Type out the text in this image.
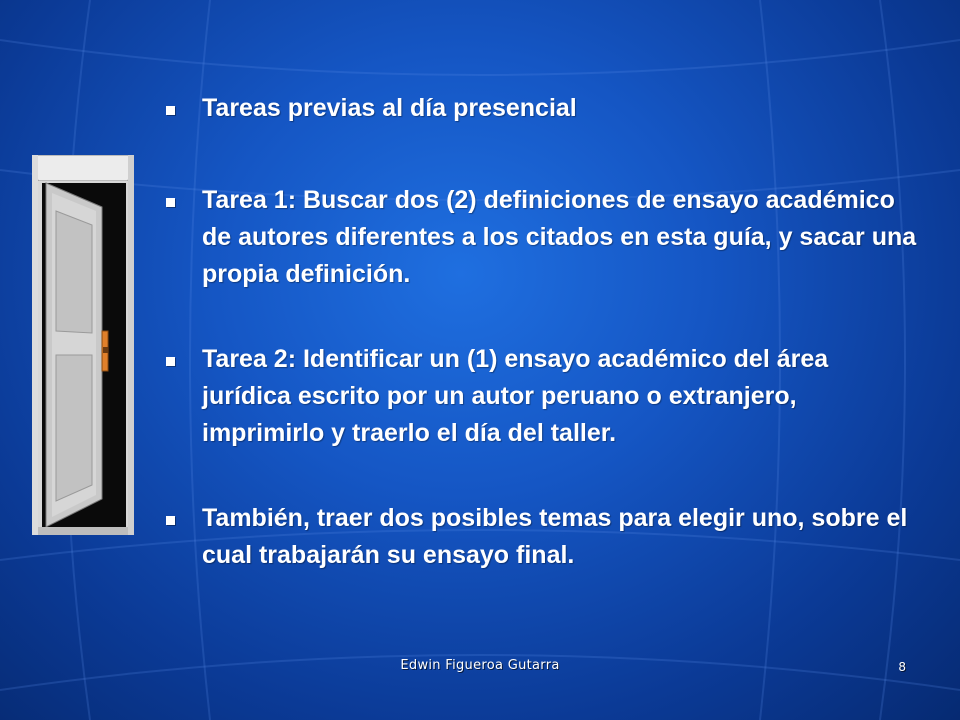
Tareas previas al día presencial
Tarea 1: Buscar dos (2) definiciones de ensayo académico de autores diferentes a los citados en esta guía, y sacar una propia definición.
Tarea 2: Identificar un (1) ensayo académico del área jurídica escrito por un autor peruano o extranjero, imprimirlo y traerlo el día del taller.
También, traer dos posibles temas para elegir uno, sobre el cual trabajarán su ensayo final.
Edwin Figueroa Gutarra	8
